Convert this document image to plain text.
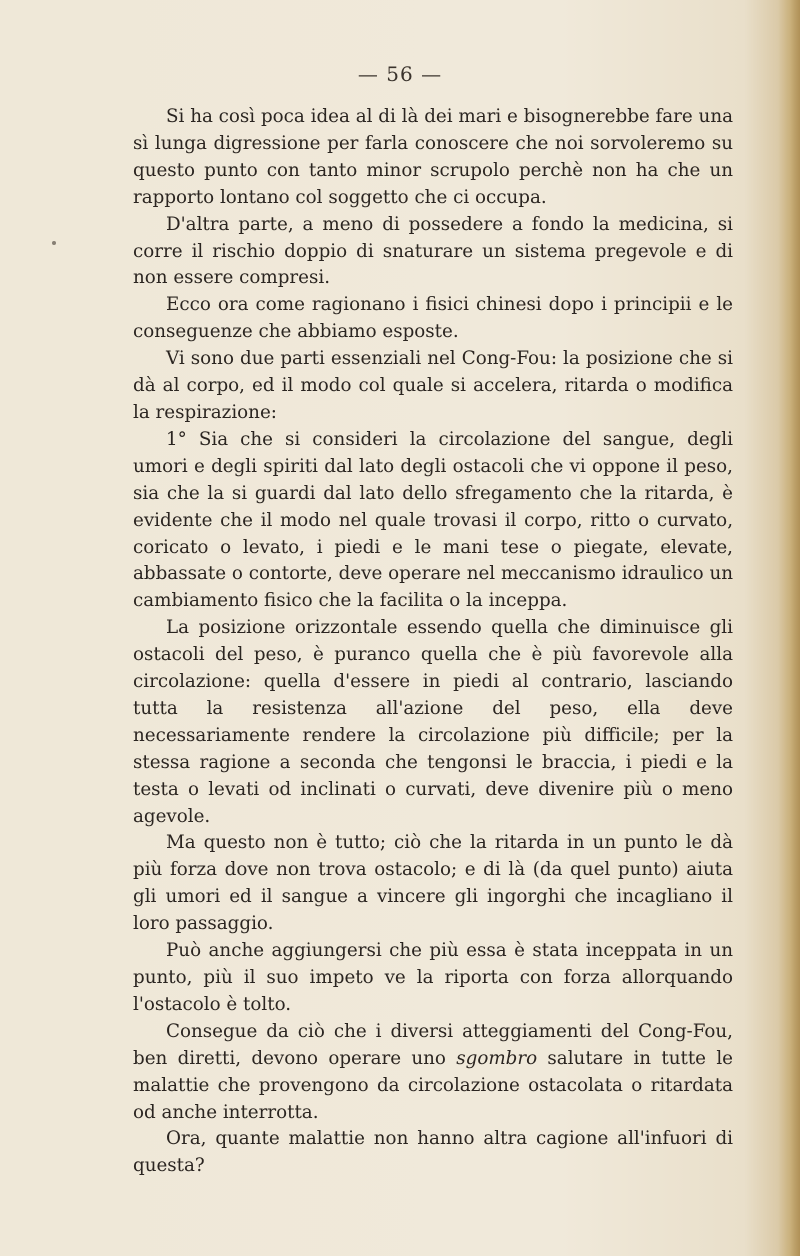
— 56 —

Si ha così poca idea al di là dei mari e bisognerebbe fare una sì lunga digressione per farla conoscere che noi sorvoleremo su questo punto con tanto minor scrupolo perchè non ha che un rapporto lontano col soggetto che ci occupa.

D'altra parte, a meno di possedere a fondo la medicina, si corre il rischio doppio di snaturare un sistema pregevole e di non essere compresi.

Ecco ora come ragionano i fisici chinesi dopo i principii e le conseguenze che abbiamo esposte.

Vi sono due parti essenziali nel Cong-Fou: la posizione che si dà al corpo, ed il modo col quale si accelera, ritarda o modifica la respirazione:

1° Sia che si consideri la circolazione del sangue, degli umori e degli spiriti dal lato degli ostacoli che vi oppone il peso, sia che la si guardi dal lato dello sfregamento che la ritarda, è evidente che il modo nel quale trovasi il corpo, ritto o curvato, coricato o levato, i piedi e le mani tese o piegate, elevate, abbassate o contorte, deve operare nel meccanismo idraulico un cambiamento fisico che la facilita o la inceppa.

La posizione orizzontale essendo quella che diminuisce gli ostacoli del peso, è puranco quella che è più favorevole alla circolazione: quella d'essere in piedi al contrario, lasciando tutta la resistenza all'azione del peso, ella deve necessariamente rendere la circolazione più difficile; per la stessa ragione a seconda che tengonsi le braccia, i piedi e la testa o levati od inclinati o curvati, deve divenire più o meno agevole.

Ma questo non è tutto; ciò che la ritarda in un punto le dà più forza dove non trova ostacolo; e di là (da quel punto) aiuta gli umori ed il sangue a vincere gli ingorghi che incagliano il loro passaggio.

Può anche aggiungersi che più essa è stata inceppata in un punto, più il suo impeto ve la riporta con forza allorquando l'ostacolo è tolto.

Consegue da ciò che i diversi atteggiamenti del Cong-Fou, ben diretti, devono operare uno sgombro salutare in tutte le malattie che provengono da circolazione ostacolata o ritardata od anche interrotta.

Ora, quante malattie non hanno altra cagione all'infuori di questa?
